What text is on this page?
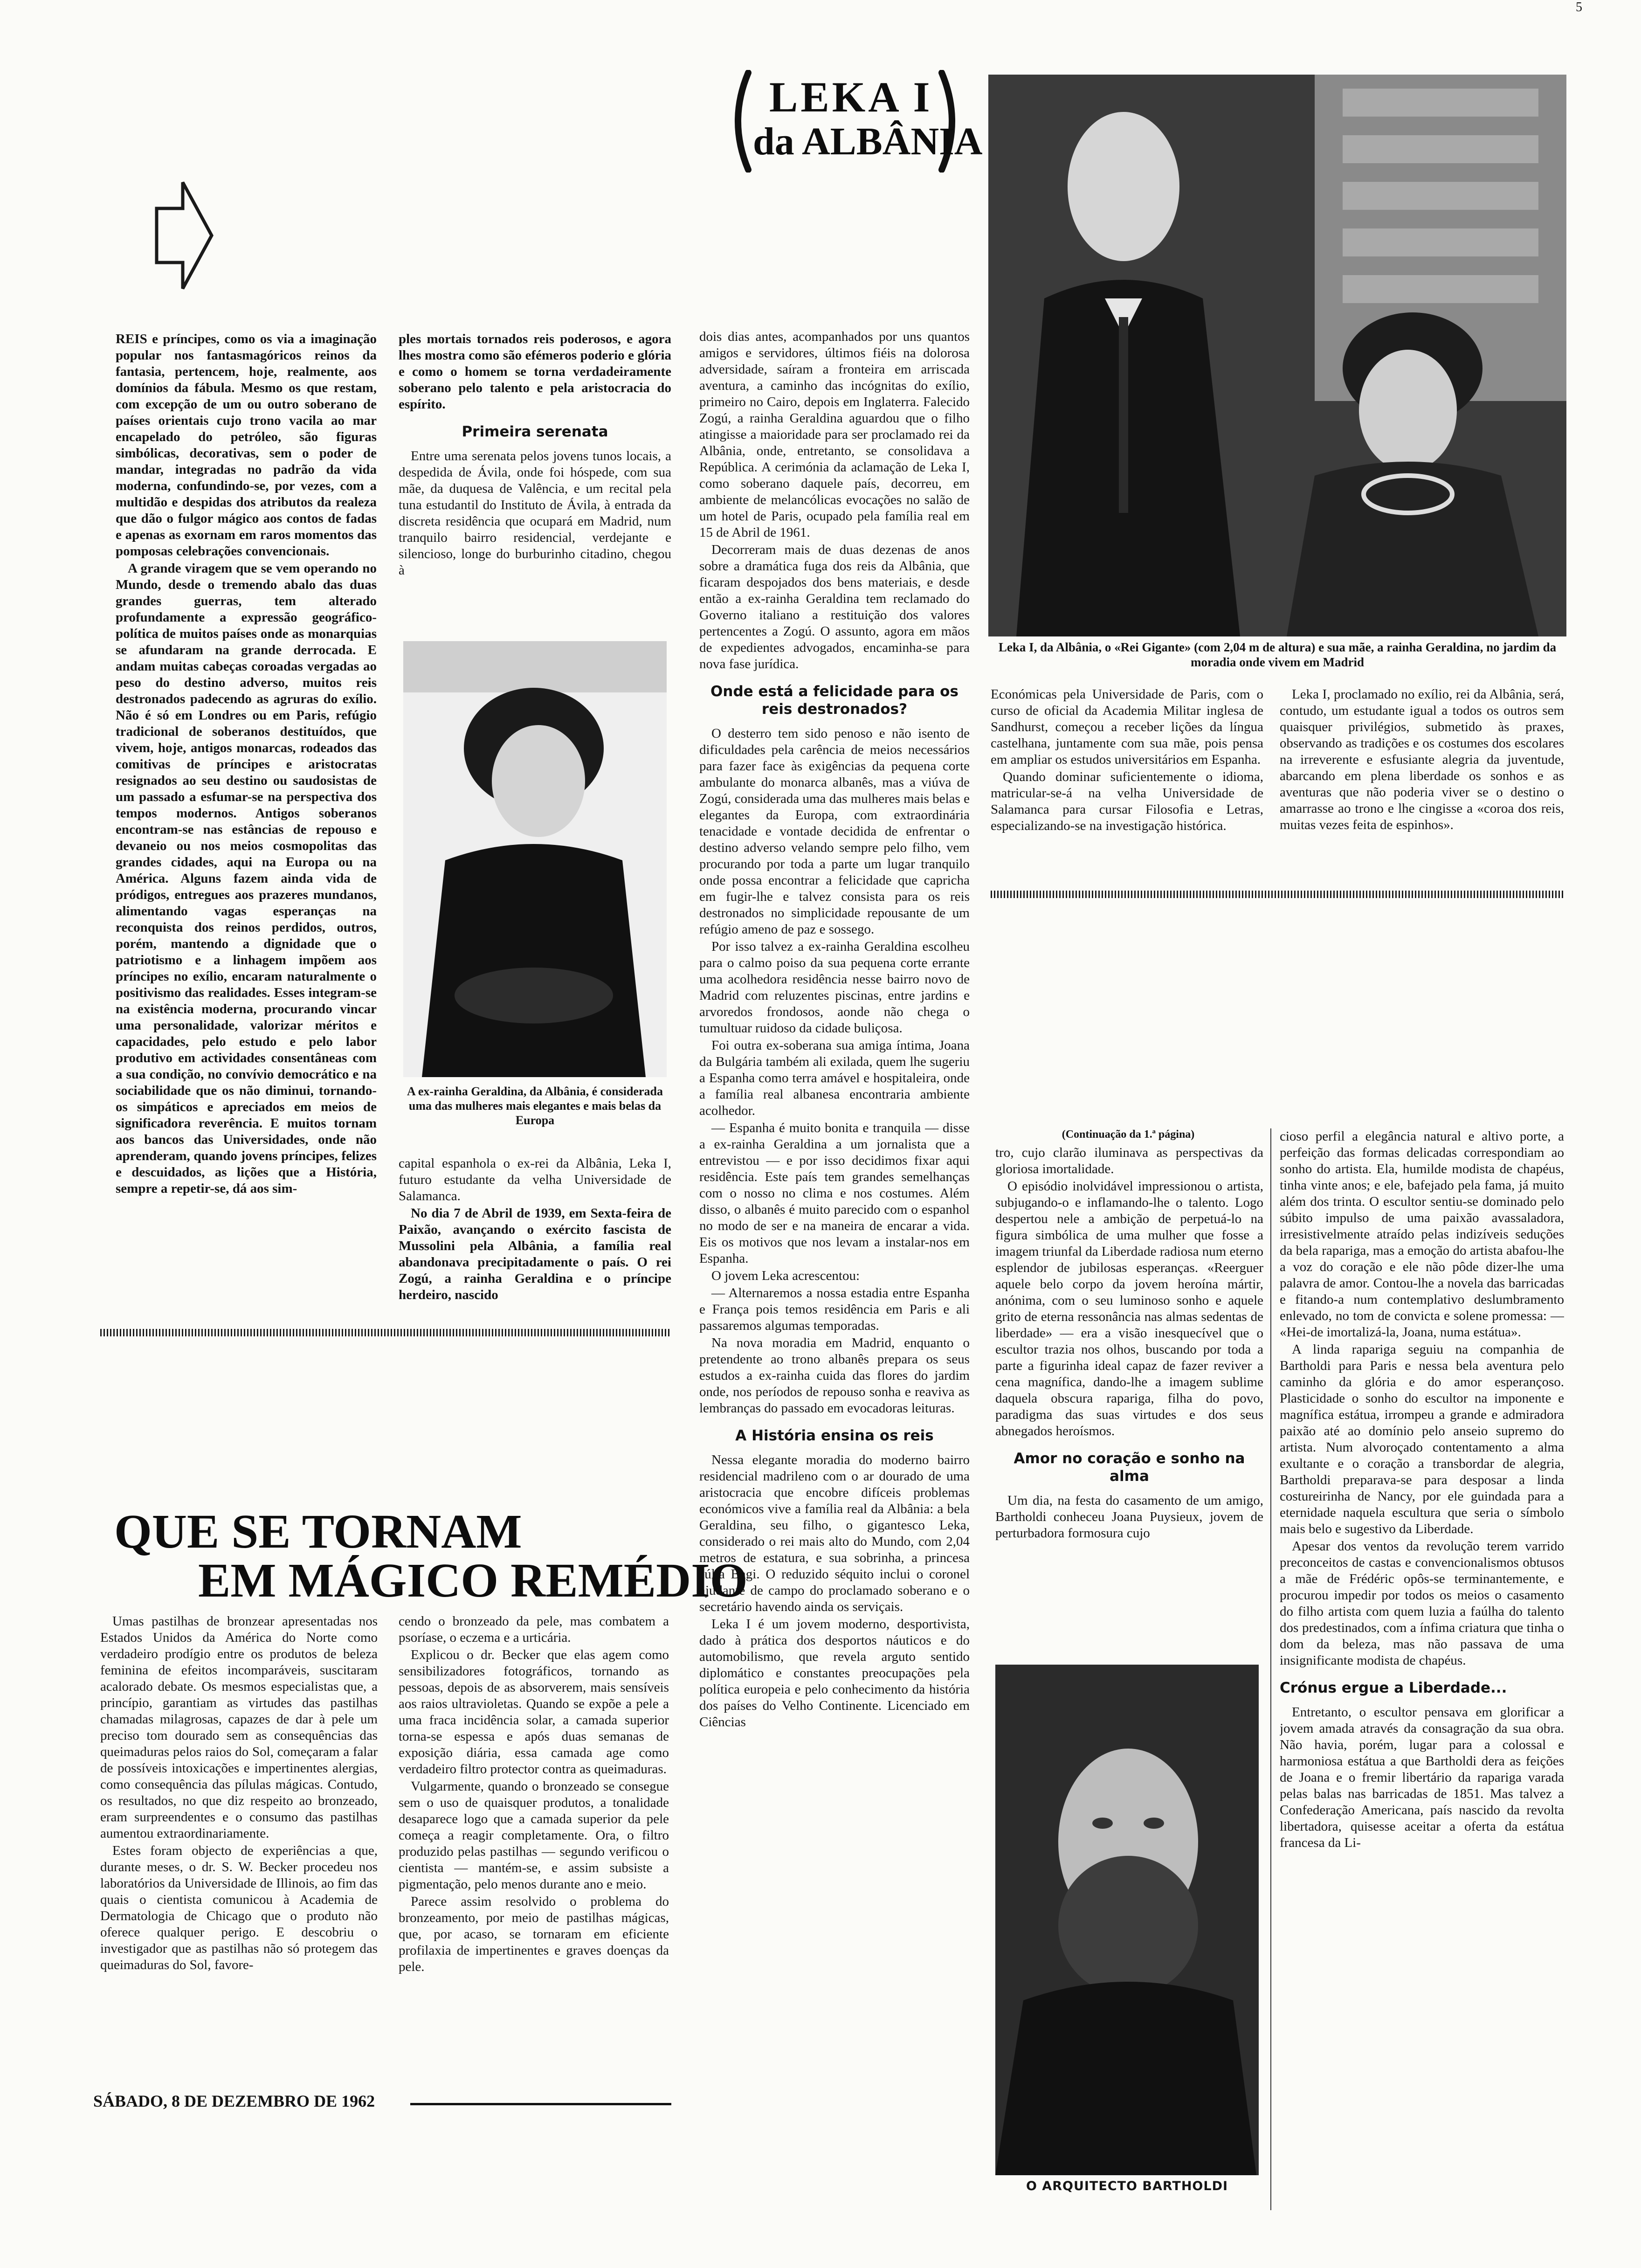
5
LEKA I
da ALBÂNIA
Leka I, da Albânia, o «Rei Gigante» (com 2,04 m de altura) e sua mãe, a rainha Geraldina, no jardim da moradia onde vivem em Madrid

REIS e príncipes, como os via a imaginação popular nos fantasmagóricos reinos da fantasia, pertencem, hoje, realmente, aos domínios da fábula. Mesmo os que restam, com excepção de um ou outro soberano de países orientais cujo trono vacila ao mar encapelado do petróleo, são figuras simbólicas, decorativas, sem o poder de mandar, integradas no padrão da vida moderna, confundindo-se, por vezes, com a multidão e despidas dos atributos da realeza que dão o fulgor mágico aos contos de fadas e apenas as exornam em raros momentos das pomposas celebrações convencionais.

A grande viragem que se vem operando no Mundo, desde o tremendo abalo das duas grandes guerras, tem alterado profundamente a expressão geográfico-política de muitos países onde as monarquias se afundaram na grande derrocada. E andam muitas cabeças coroadas vergadas ao peso do destino adverso, muitos reis destronados padecendo as agruras do exílio. Não é só em Londres ou em Paris, refúgio tradicional de soberanos destituídos, que vivem, hoje, antigos monarcas, rodeados das comitivas de príncipes e aristocratas resignados ao seu destino ou saudosistas de um passado a esfumar-se na perspectiva dos tempos modernos. Antigos soberanos encontram-se nas estâncias de repouso e devaneio ou nos meios cosmopolitas das grandes cidades, aqui na Europa ou na América. Alguns fazem ainda vida de pródigos, entregues aos prazeres mundanos, alimentando vagas esperanças na reconquista dos reinos perdidos, outros, porém, mantendo a dignidade que o patriotismo e a linhagem impõem aos príncipes no exílio, encaram naturalmente o positivismo das realidades. Esses integram-se na existência moderna, procurando vincar uma personalidade, valorizar méritos e capacidades, pelo estudo e pelo labor produtivo em actividades consentâneas com a sua condição, no convívio democrático e na sociabilidade que os não diminui, tornando-os simpáticos e apreciados em meios de significadora reverência. E muitos tornam aos bancos das Universidades, onde não aprenderam, quando jovens príncipes, felizes e descuidados, as lições que a História, sempre a repetir-se, dá aos sim-

ples mortais tornados reis poderosos, e agora lhes mostra como são efémeros poderio e glória e como o homem se torna verdadeiramente soberano pelo talento e pela aristocracia do espírito.

Primeira serenata

Entre uma serenata pelos jovens tunos locais, a despedida de Ávila, onde foi hóspede, com sua mãe, da duquesa de Valência, e um recital pela tuna estudantil do Instituto de Ávila, à entrada da discreta residência que ocupará em Madrid, num tranquilo bairro residencial, verdejante e silencioso, longe do burburinho citadino, chegou à

A ex-rainha Geraldina, da Albânia, é considerada uma das mulheres mais elegantes e mais belas da Europa

capital espanhola o ex-rei da Albânia, Leka I, futuro estudante da velha Universidade de Salamanca.

No dia 7 de Abril de 1939, em Sexta-feira de Paixão, avançando o exército fascista de Mussolini pela Albânia, a família real abandonava precipitadamente o país. O rei Zogú, a rainha Geraldina e o príncipe herdeiro, nascido

dois dias antes, acompanhados por uns quantos amigos e servidores, últimos fiéis na dolorosa adversidade, saíram a fronteira em arriscada aventura, a caminho das incógnitas do exílio, primeiro no Cairo, depois em Inglaterra. Falecido Zogú, a rainha Geraldina aguardou que o filho atingisse a maioridade para ser proclamado rei da Albânia, onde, entretanto, se consolidava a República. A cerimónia da aclamação de Leka I, como soberano daquele país, decorreu, em ambiente de melancólicas evocações no salão de um hotel de Paris, ocupado pela família real em 15 de Abril de 1961.

Decorreram mais de duas dezenas de anos sobre a dramática fuga dos reis da Albânia, que ficaram despojados dos bens materiais, e desde então a ex-rainha Geraldina tem reclamado do Governo italiano a restituição dos valores pertencentes a Zogú. O assunto, agora em mãos de expedientes advogados, encaminha-se para nova fase jurídica.

Onde está a felicidade para os reis destronados?

O desterro tem sido penoso e não isento de dificuldades pela carência de meios necessários para fazer face às exigências da pequena corte ambulante do monarca albanês, mas a viúva de Zogú, considerada uma das mulheres mais belas e elegantes da Europa, com extraordinária tenacidade e vontade decidida de enfrentar o destino adverso velando sempre pelo filho, vem procurando por toda a parte um lugar tranquilo onde possa encontrar a felicidade que capricha em fugir-lhe e talvez consista para os reis destronados no simplicidade repousante de um refúgio ameno de paz e sossego.

Por isso talvez a ex-rainha Geraldina escolheu para o calmo poiso da sua pequena corte errante uma acolhedora residência nesse bairro novo de Madrid com reluzentes piscinas, entre jardins e arvoredos frondosos, aonde não chega o tumultuar ruidoso da cidade buliçosa.

Foi outra ex-soberana sua amiga íntima, Joana da Bulgária também ali exilada, quem lhe sugeriu a Espanha como terra amável e hospitaleira, onde a família real albanesa encontraria ambiente acolhedor.

— Espanha é muito bonita e tranquila — disse a ex-rainha Geraldina a um jornalista que a entrevistou — e por isso decidimos fixar aqui residência. Este país tem grandes semelhanças com o nosso no clima e nos costumes. Além disso, o albanês é muito parecido com o espanhol no modo de ser e na maneira de encarar a vida. Eis os motivos que nos levam a instalar-nos em Espanha.

O jovem Leka acrescentou:

— Alternaremos a nossa estadia entre Espanha e França pois temos residência em Paris e ali passaremos algumas temporadas.

Na nova moradia em Madrid, enquanto o pretendente ao trono albanês prepara os seus estudos a ex-rainha cuida das flores do jardim onde, nos períodos de repouso sonha e reaviva as lembranças do passado em evocadoras leituras.

A História ensina os reis

Nessa elegante moradia do moderno bairro residencial madrileno com o ar dourado de uma aristocracia que encobre difíceis problemas económicos vive a família real da Albânia: a bela Geraldina, seu filho, o gigantesco Leka, considerado o rei mais alto do Mundo, com 2,04 metros de estatura, e sua sobrinha, a princesa Júlia Bagi. O reduzido séquito inclui o coronel ajudante de campo do proclamado soberano e o secretário havendo ainda os serviçais.

Leka I é um jovem moderno, desportivista, dado à prática dos desportos náuticos e do automobilismo, que revela arguto sentido diplomático e constantes preocupações pela política europeia e pelo conhecimento da história dos países do Velho Continente. Licenciado em Ciências

Económicas pela Universidade de Paris, com o curso de oficial da Academia Militar inglesa de Sandhurst, começou a receber lições da língua castelhana, juntamente com sua mãe, pois pensa em ampliar os estudos universitários em Espanha.

Quando dominar suficientemente o idioma, matricular-se-á na velha Universidade de Salamanca para cursar Filosofia e Letras, especializando-se na investigação histórica.

Leka I, proclamado no exílio, rei da Albânia, será, contudo, um estudante igual a todos os outros sem quaisquer privilégios, submetido às praxes, observando as tradições e os costumes dos escolares na irreverente e esfusiante alegria da juventude, abarcando em plena liberdade os sonhos e as aventuras que não poderia viver se o destino o amarrasse ao trono e lhe cingisse a «coroa dos reis, muitas vezes feita de espinhos».

(Continuação da 1.ª página)

tro, cujo clarão iluminava as perspectivas da gloriosa imortalidade.

O episódio inolvidável impressionou o artista, subjugando-o e inflamando-lhe o talento. Logo despertou nele a ambição de perpetuá-lo na figura simbólica de uma mulher que fosse a imagem triunfal da Liberdade radiosa num eterno esplendor de jubilosas esperanças. «Reerguer aquele belo corpo da jovem heroína mártir, anónima, com o seu luminoso sonho e aquele grito de eterna ressonância nas almas sedentas de liberdade» — era a visão inesquecível que o escultor trazia nos olhos, buscando por toda a parte a figurinha ideal capaz de fazer reviver a cena magnífica, dando-lhe a imagem sublime daquela obscura rapariga, filha do povo, paradigma das suas virtudes e dos seus abnegados heroísmos.

Amor no coração e sonho na alma

Um dia, na festa do casamento de um amigo, Bartholdi conheceu Joana Puysieux, jovem de perturbadora formosura cujo

O ARQUITECTO BARTHOLDI

cioso perfil a elegância natural e altivo porte, a perfeição das formas delicadas correspondiam ao sonho do artista. Ela, humilde modista de chapéus, tinha vinte anos; e ele, bafejado pela fama, já muito além dos trinta. O escultor sentiu-se dominado pelo súbito impulso de uma paixão avassaladora, irresistivelmente atraído pelas indizíveis seduções da bela rapariga, mas a emoção do artista abafou-lhe a voz do coração e ele não pôde dizer-lhe uma palavra de amor. Contou-lhe a novela das barricadas e fitando-a num contemplativo deslumbramento enlevado, no tom de convicta e solene promessa: — «Hei-de imortalizá-la, Joana, numa estátua».

A linda rapariga seguiu na companhia de Bartholdi para Paris e nessa bela aventura pelo caminho da glória e do amor esperançoso. Plasticidade o sonho do escultor na imponente e magnífica estátua, irrompeu a grande e admiradora paixão até ao domínio pelo anseio supremo do artista. Num alvoroçado contentamento a alma exultante e o coração a transbordar de alegria, Bartholdi preparava-se para desposar a linda costureirinha de Nancy, por ele guindada para a eternidade naquela escultura que seria o símbolo mais belo e sugestivo da Liberdade.

Apesar dos ventos da revolução terem varrido preconceitos de castas e convencionalismos obtusos a mãe de Frédéric opôs-se terminantemente, e procurou impedir por todos os meios o casamento do filho artista com quem luzia a faúlha do talento dos predestinados, com a ínfima criatura que tinha o dom da beleza, mas não passava de uma insignificante modista de chapéus.

Crónus ergue a Liberdade...

Entretanto, o escultor pensava em glorificar a jovem amada através da consagração da sua obra. Não havia, porém, lugar para a colossal e harmoniosa estátua a que Bartholdi dera as feições de Joana e o fremir libertário da rapariga varada pelas balas nas barricadas de 1851. Mas talvez a Confederação Americana, país nascido da revolta libertadora, quisesse aceitar a oferta da estátua francesa da Li-

QUE SE TORNAM
EM MÁGICO REMÉDIO

Umas pastilhas de bronzear apresentadas nos Estados Unidos da América do Norte como verdadeiro prodígio entre os produtos de beleza feminina de efeitos incomparáveis, suscitaram acalorado debate. Os mesmos especialistas que, a princípio, garantiam as virtudes das pastilhas chamadas milagrosas, capazes de dar à pele um preciso tom dourado sem as consequências das queimaduras pelos raios do Sol, começaram a falar de possíveis intoxicações e impertinentes alergias, como consequência das pílulas mágicas. Contudo, os resultados, no que diz respeito ao bronzeado, eram surpreendentes e o consumo das pastilhas aumentou extraordinariamente.

Estes foram objecto de experiências a que, durante meses, o dr. S. W. Becker procedeu nos laboratórios da Universidade de Illinois, ao fim das quais o cientista comunicou à Academia de Dermatologia de Chicago que o produto não oferece qualquer perigo. E descobriu o investigador que as pastilhas não só protegem das queimaduras do Sol, favore-

cendo o bronzeado da pele, mas combatem a psoríase, o eczema e a urticária.

Explicou o dr. Becker que elas agem como sensibilizadores fotográficos, tornando as pessoas, depois de as absorverem, mais sensíveis aos raios ultravioletas. Quando se expõe a pele a uma fraca incidência solar, a camada superior torna-se espessa e após duas semanas de exposição diária, essa camada age como verdadeiro filtro protector contra as queimaduras.

Vulgarmente, quando o bronzeado se consegue sem o uso de quaisquer produtos, a tonalidade desaparece logo que a camada superior da pele começa a reagir completamente. Ora, o filtro produzido pelas pastilhas — segundo verificou o cientista — mantém-se, e assim subsiste a pigmentação, pelo menos durante ano e meio.

Parece assim resolvido o problema do bronzeamento, por meio de pastilhas mágicas, que, por acaso, se tornaram em eficiente profilaxia de impertinentes e graves doenças da pele.

SÁBADO, 8 DE DEZEMBRO DE 1962
